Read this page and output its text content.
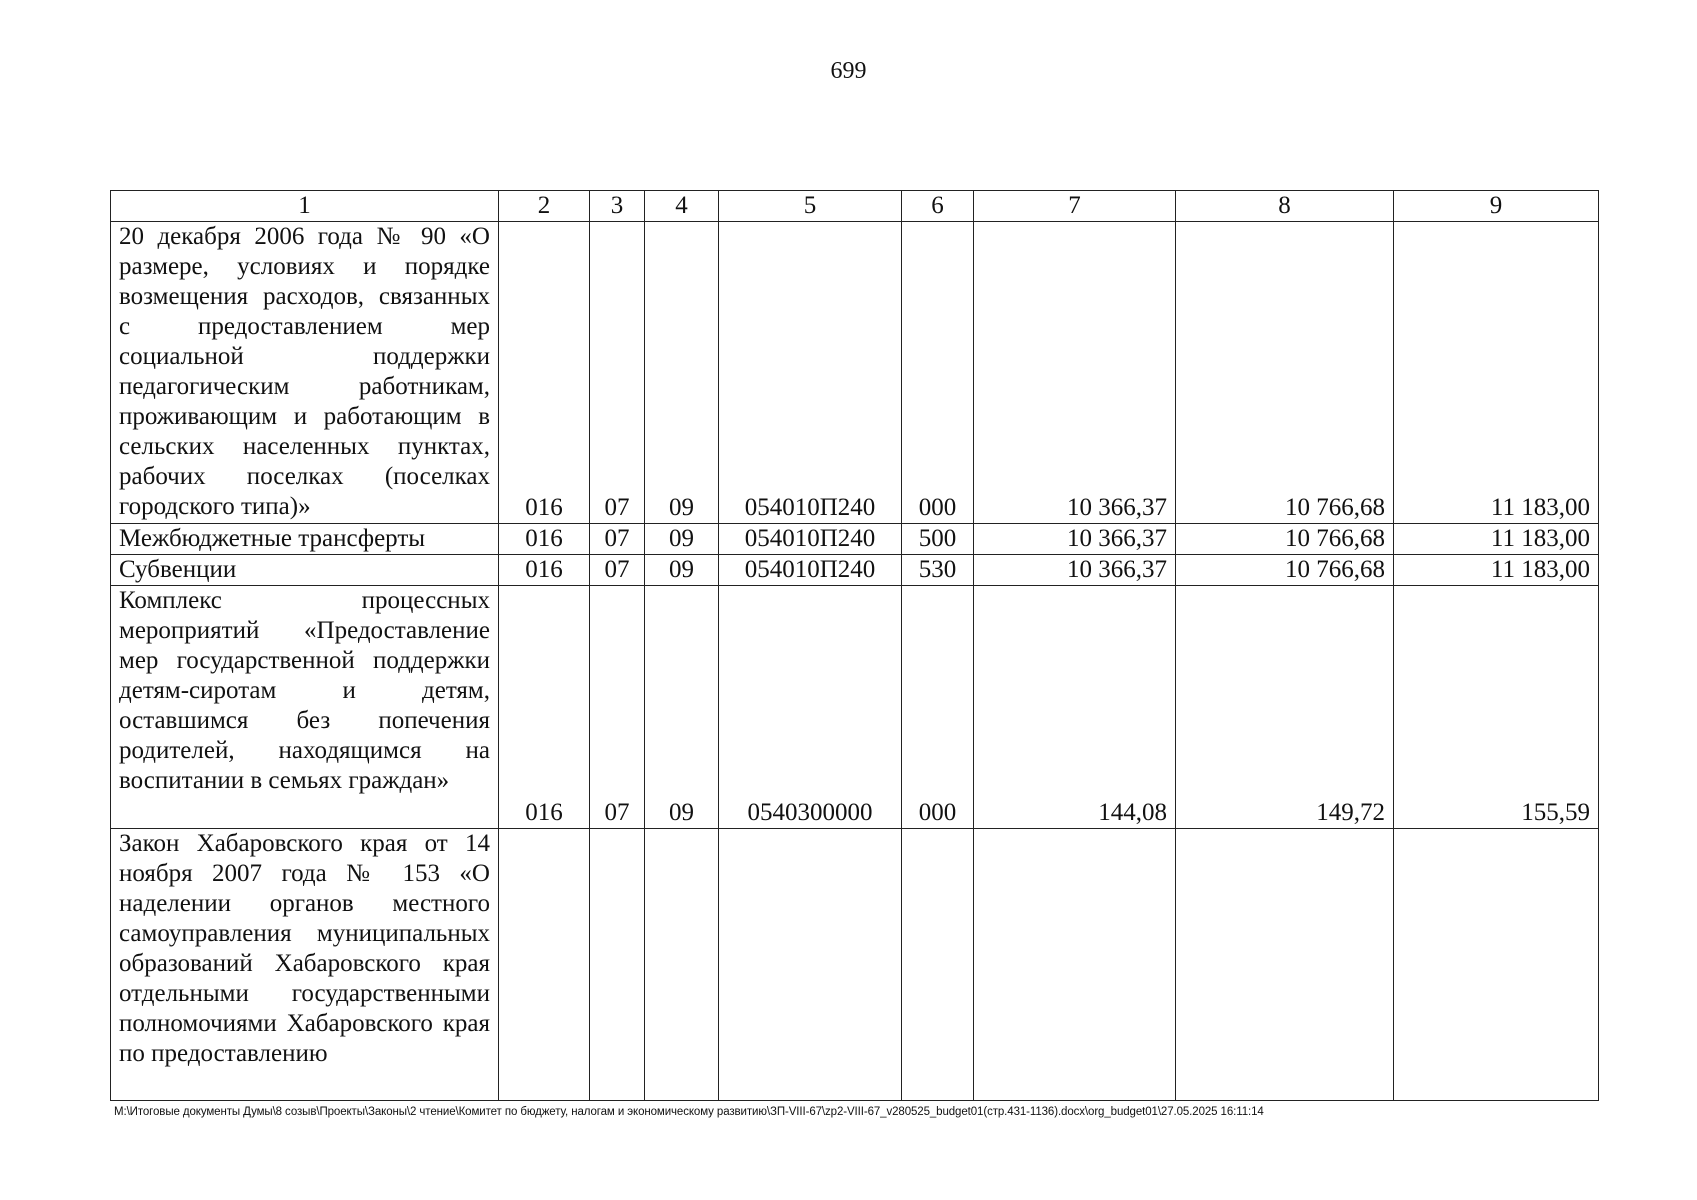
699
1	2	3	4	5	6	7	8	9
20 декабря 2006 года № 90 «О размере, условиях и порядке возмещения расходов, связанных с предоставлением мер социальной поддержки педагогическим работникам, проживающим и работающим в сельских населенных пунктах, рабочих поселках (поселках городского типа)»	016	07	09	054010П240	000	10 366,37	10 766,68	11 183,00
Межбюджетные трансферты	016	07	09	054010П240	500	10 366,37	10 766,68	11 183,00
Субвенции	016	07	09	054010П240	530	10 366,37	10 766,68	11 183,00
Комплекс процессных мероприятий «Предоставление мер государственной поддержки детям-сиротам и детям, оставшимся без попечения родителей, находящимся на воспитании в семьях граждан»	016	07	09	0540300000	000	144,08	149,72	155,59
Закон Хабаровского края от 14 ноября 2007 года № 153 «О наделении органов местного самоуправления муниципальных образований Хабаровского края отдельными государственными полномочиями Хабаровского края по предоставлению								
M:\Итоговые документы Думы\8 созыв\Проекты\Законы\2 чтение\Комитет по бюджету, налогам и экономическому развитию\ЗП-VIII-67\zp2-VIII-67_v280525_budget01(стр.431-1136).docx\org_budget01\27.05.2025 16:11:14
